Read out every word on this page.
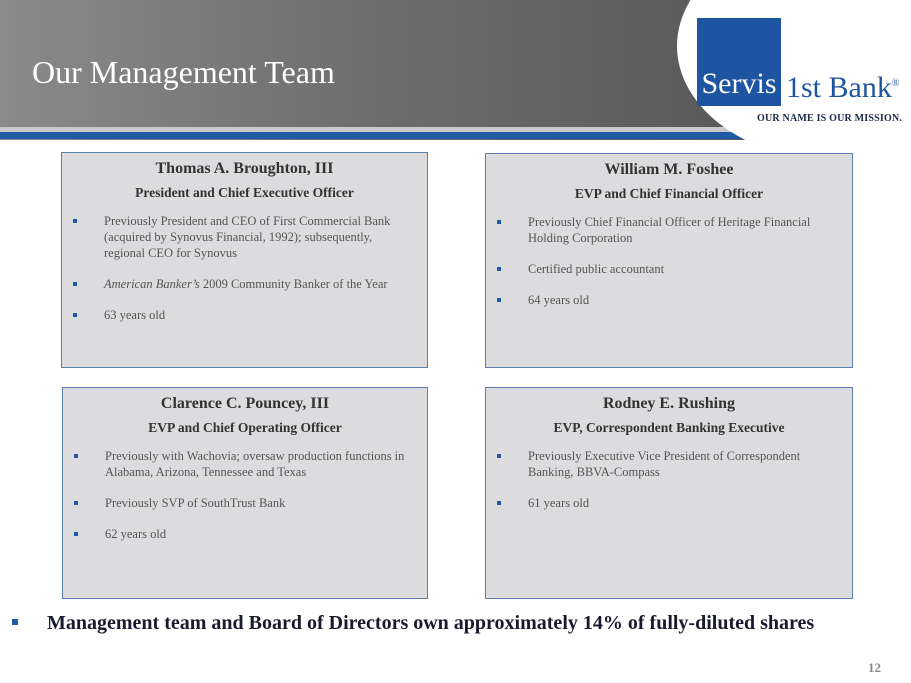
Our Management Team	Servis 1st Bank®
OUR NAME IS OUR MISSION.
Thomas A. Broughton, III
President and Chief Executive Officer
Previously President and CEO of First Commercial Bank (acquired by Synovus Financial, 1992); subsequently, regional CEO for Synovus
American Banker’s 2009 Community Banker of the Year
63 years old
William M. Foshee
EVP and Chief Financial Officer
Previously Chief Financial Officer of Heritage Financial Holding Corporation
Certified public accountant
64 years old
Clarence C. Pouncey, III
EVP and Chief Operating Officer
Previously with Wachovia; oversaw production functions in Alabama, Arizona, Tennessee and Texas
Previously SVP of SouthTrust Bank
62 years old
Rodney E. Rushing
EVP, Correspondent Banking Executive
Previously Executive Vice President of Correspondent Banking, BBVA-Compass
61 years old
Management team and Board of Directors own approximately 14% of fully-diluted shares
12
